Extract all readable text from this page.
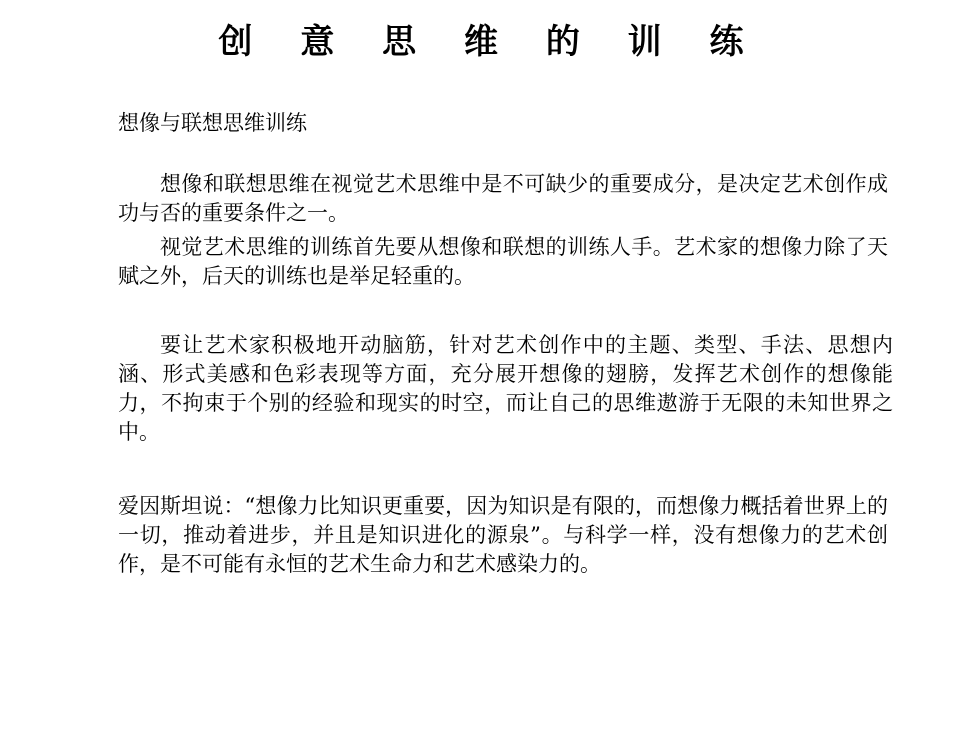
创 意 思 维 的 训 练
想像与联想思维训练

想像和联想思维在视觉艺术思维中是不可缺少的重要成分，是决定艺术创作成功与否的重要条件之一。

视觉艺术思维的训练首先要从想像和联想的训练人手。艺术家的想像力除了天赋之外，后天的训练也是举足轻重的。

要让艺术家积极地开动脑筋，针对艺术创作中的主题、类型、手法、思想内涵、形式美感和色彩表现等方面，充分展开想像的翅膀，发挥艺术创作的想像能力，不拘束于个别的经验和现实的时空，而让自己的思维遨游于无限的未知世界之中。

爱因斯坦说：“想像力比知识更重要，因为知识是有限的，而想像力概括着世界上的一切，推动着进步，并且是知识进化的源泉”。与科学一样，没有想像力的艺术创作，是不可能有永恒的艺术生命力和艺术感染力的。
